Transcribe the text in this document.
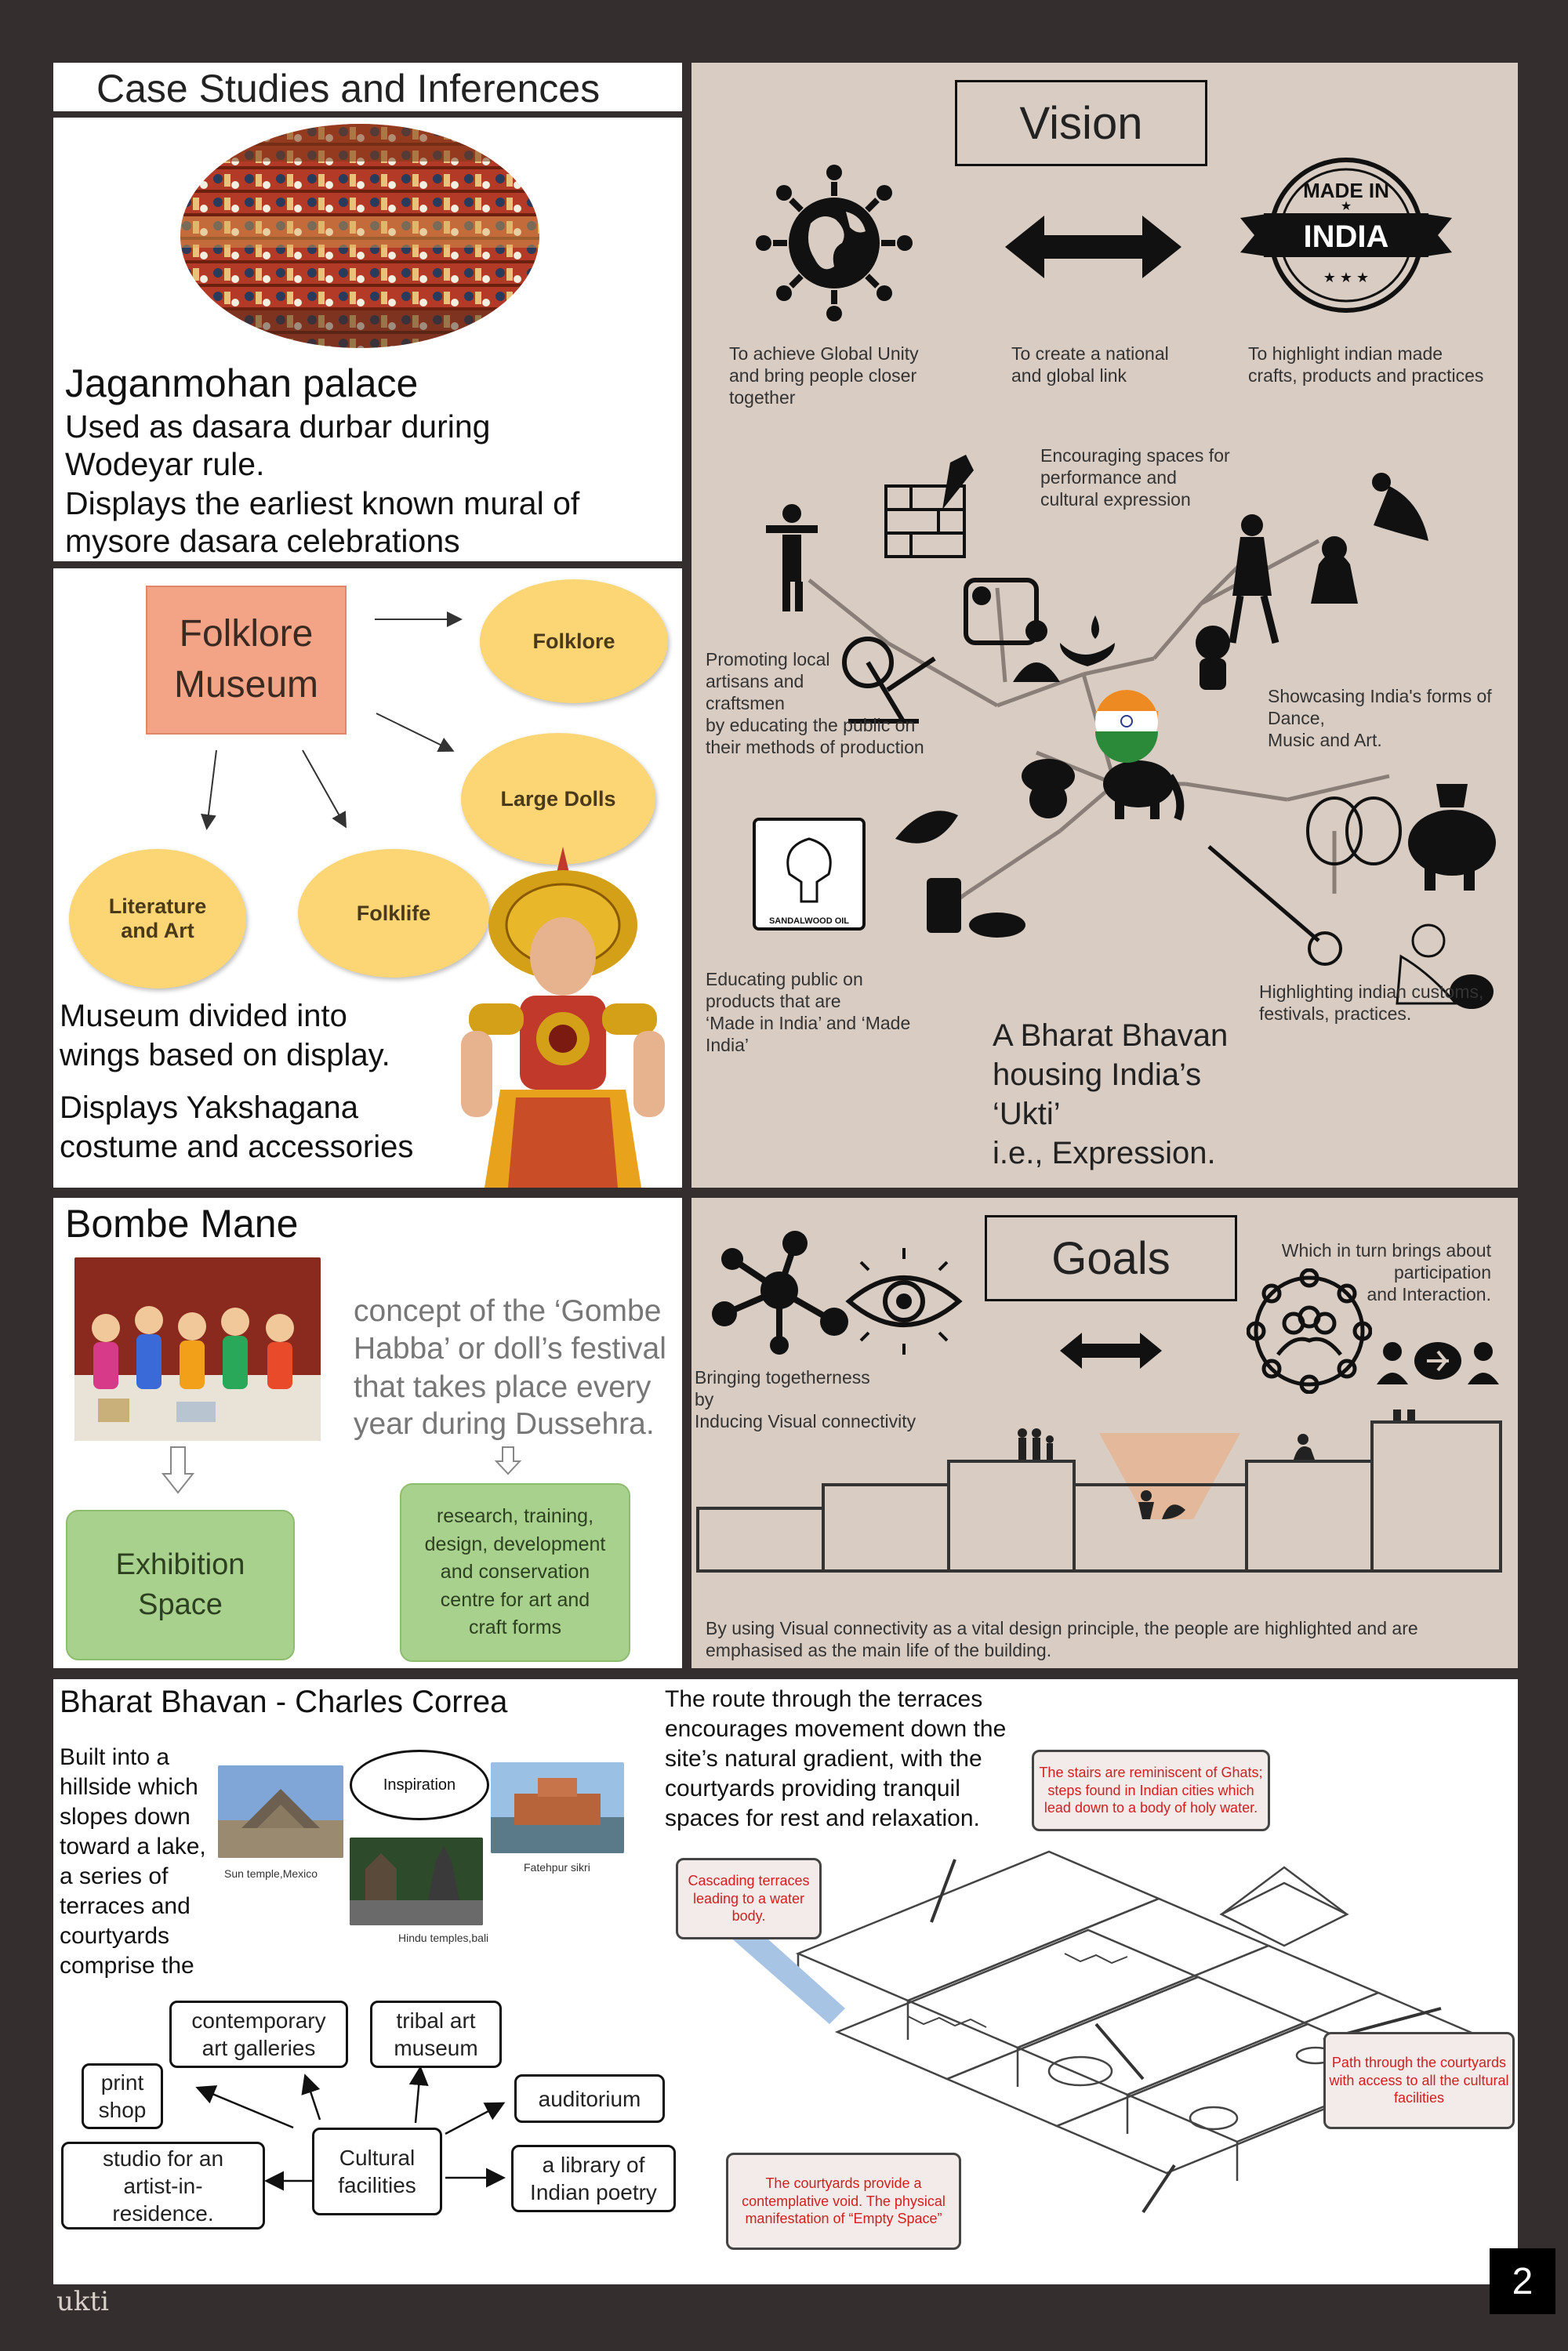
Case Studies and Inferences
Jaganmohan palace
Used as dasara durbar during
Wodeyar rule.
Displays the earliest known mural of
mysore dasara celebrations
Folklore
Museum
Folklore
Large Dolls
Literature
and Art
Folklife
Museum divided into
wings based on display.
Displays Yakshagana
costume and accessories
Bombe Mane
concept of the ‘Gombe
Habba’ or doll’s festival
that takes place every
year during Dussehra.
Exhibition
Space
research, training,
design, development
and conservation
centre for art and
craft forms
Vision
INDIA
MADE IN
★
★ ★ ★
To achieve Global Unity
and bring people closer
together
To create a national
and global link
To highlight indian made
crafts, products and practices
SANDALWOOD OIL
Encouraging spaces for
performance and
cultural expression
Promoting local
artisans and
craftsmen
by educating the public on
their methods of production
Showcasing India's forms of
Dance,
Music and Art.
Educating public on
products that are
‘Made in India’ and ‘Made
India’
Highlighting indian customs,
festivals, practices.
A Bharat Bhavan
housing India’s
‘Ukti’
i.e., Expression.
Goals	Which in turn brings about
participation
and Interaction.
Bringing togetherness
by
Inducing Visual connectivity
By using Visual connectivity as a vital design principle, the people are highlighted and are
emphasised as the main life of the building.
Bharat Bhavan - Charles Correa
Built into a
hillside which
slopes down
toward a lake,
a series of
terraces and
courtyards
comprise the
Sun temple,Mexico
Hindu temples,bali
Inspiration
Fatehpur sikri
Cultural
facilities
contemporary
art galleries
tribal art
museum
print
shop	auditorium
studio for an
artist-in-
residence.
a library of
Indian poetry
The route through the terraces
encourages movement down the
site’s natural gradient, with the
courtyards providing tranquil
spaces for rest and relaxation.
The stairs are reminiscent of Ghats; steps found in Indian cities which lead down to a body of holy water.
Cascading terraces leading to a water body.
Path through the courtyards with access to all the cultural facilities
The courtyards provide a contemplative void. The physical manifestation of “Empty Space”
ukti	2
